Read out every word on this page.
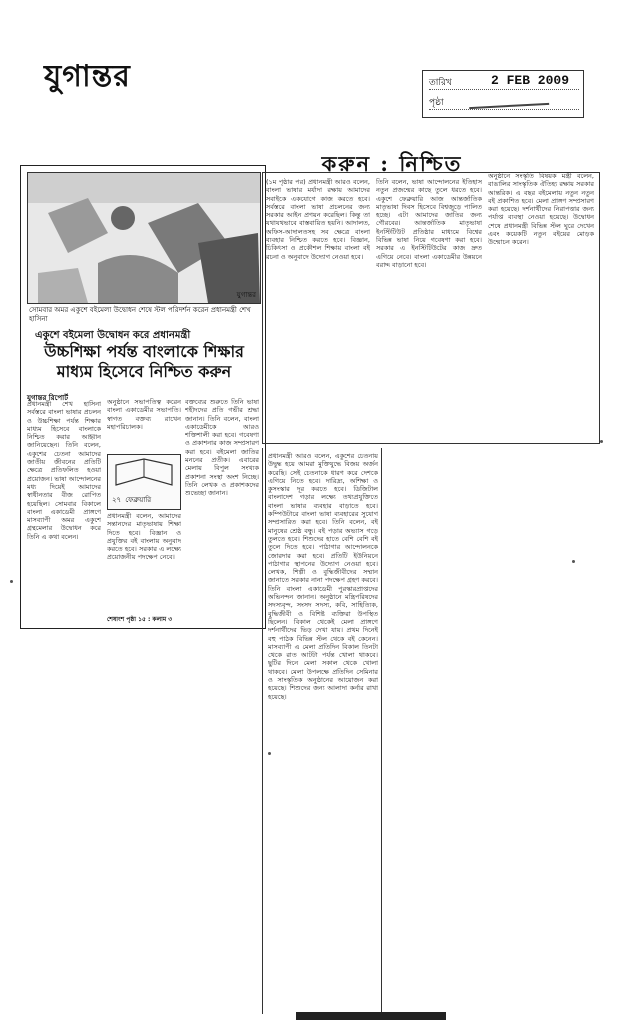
যুগান্তর	তারিখ	2 FEB 2009
পৃষ্ঠা
যুগান্তর
সোমবার অমর একুশে বইমেলা উদ্বোধন শেষে স্টল পরিদর্শন করেন প্রধানমন্ত্রী শেখ হাসিনা
একুশে বইমেলা উদ্বোধন করে প্রধানমন্ত্রী
উচ্চশিক্ষা পর্যন্ত বাংলাকে শিক্ষার মাধ্যম হিসেবে নিশ্চিত করুন
যুগান্তর রিপোর্ট
প্রধানমন্ত্রী শেখ হাসিনা সর্বস্তরে বাংলা ভাষার প্রচলন ও উচ্চশিক্ষা পর্যন্ত শিক্ষার মাধ্যম হিসেবে বাংলাকে নিশ্চিত করার আহ্বান জানিয়েছেন। তিনি বলেন, একুশের চেতনা আমাদের জাতীয় জীবনের প্রতিটি ক্ষেত্রে প্রতিফলিত হওয়া প্রয়োজন। ভাষা আন্দোলনের মধ্য দিয়েই আমাদের স্বাধীনতার বীজ রোপিত হয়েছিল। সোমবার বিকালে বাংলা একাডেমী প্রাঙ্গণে মাসব্যাপী অমর একুশে গ্রন্থমেলার উদ্বোধন করে তিনি এ কথা বলেন।
অনুষ্ঠানে সভাপতিত্ব করেন বাংলা একাডেমীর সভাপতি। স্বাগত বক্তব্য রাখেন মহাপরিচালক।
২৭ ফেব্রুয়ারি
প্রধানমন্ত্রী বলেন, আমাদের সন্তানদের মাতৃভাষায় শিক্ষা দিতে হবে। বিজ্ঞান ও প্রযুক্তির বই বাংলায় অনুবাদ করতে হবে। সরকার এ লক্ষ্যে প্রয়োজনীয় পদক্ষেপ নেবে।
বক্তব্যের শুরুতে তিনি ভাষা শহীদদের প্রতি গভীর শ্রদ্ধা জানান। তিনি বলেন, বাংলা একাডেমীকে আরও শক্তিশালী করা হবে। গবেষণা ও প্রকাশনার কাজ সম্প্রসারণ করা হবে। বইমেলা জাতির মননের প্রতীক। এবারের মেলায় বিপুল সংখ্যক প্রকাশনা সংস্থা অংশ নিচ্ছে। তিনি লেখক ও প্রকাশকদের শুভেচ্ছা জানান।
শেষাংশ পৃষ্ঠা ১৫ : কলাম ৩
করুন : নিশ্চিত
(১ম পৃষ্ঠার পর) প্রধানমন্ত্রী আরও বলেন, বাংলা ভাষার মর্যাদা রক্ষায় আমাদের সবাইকে একযোগে কাজ করতে হবে। সর্বস্তরে বাংলা ভাষা প্রচলনের জন্য সরকার আইন প্রণয়ন করেছিল। কিন্তু তা যথাযথভাবে বাস্তবায়িত হয়নি। আদালত, অফিস-আদালতসহ সব ক্ষেত্রে বাংলা ব্যবহার নিশ্চিত করতে হবে। বিজ্ঞান, চিকিৎসা ও প্রকৌশল শিক্ষায় বাংলা বই রচনা ও অনুবাদে উদ্যোগ নেওয়া হবে।
তিনি বলেন, ভাষা আন্দোলনের ইতিহাস নতুন প্রজন্মের কাছে তুলে ধরতে হবে। একুশে ফেব্রুয়ারি আজ আন্তর্জাতিক মাতৃভাষা দিবস হিসেবে বিশ্বজুড়ে পালিত হচ্ছে। এটা আমাদের জাতির জন্য গৌরবের। আন্তর্জাতিক মাতৃভাষা ইনস্টিটিউট প্রতিষ্ঠার মাধ্যমে বিশ্বের বিভিন্ন ভাষা নিয়ে গবেষণা করা হবে। সরকার এ ইনস্টিটিউটের কাজ দ্রুত এগিয়ে নেবে। বাংলা একাডেমীর উন্নয়নে বরাদ্দ বাড়ানো হবে।
অনুষ্ঠানে সংস্কৃতি বিষয়ক মন্ত্রী বলেন, বাঙালির সাংস্কৃতিক ঐতিহ্য রক্ষায় সরকার আন্তরিক। এ বছর বইমেলায় নতুন নতুন বই প্রকাশিত হবে। মেলা প্রাঙ্গণ সম্প্রসারণ করা হয়েছে। দর্শনার্থীদের নিরাপত্তার জন্য পর্যাপ্ত ব্যবস্থা নেওয়া হয়েছে। উদ্বোধন শেষে প্রধানমন্ত্রী বিভিন্ন স্টল ঘুরে দেখেন এবং কয়েকটি নতুন বইয়ের মোড়ক উন্মোচন করেন।
প্রধানমন্ত্রী আরও বলেন, একুশের চেতনায় উদ্বুদ্ধ হয়ে আমরা মুক্তিযুদ্ধে বিজয় অর্জন করেছি। সেই চেতনাকে ধারণ করে দেশকে এগিয়ে নিতে হবে। দারিদ্র্য, অশিক্ষা ও কুসংস্কার দূর করতে হবে। ডিজিটাল বাংলাদেশ গড়ার লক্ষ্যে তথ্যপ্রযুক্তিতে বাংলা ভাষার ব্যবহার বাড়াতে হবে। কম্পিউটারে বাংলা ভাষা ব্যবহারের সুযোগ সম্প্রসারিত করা হবে। তিনি বলেন, বই মানুষের শ্রেষ্ঠ বন্ধু। বই পড়ার অভ্যাস গড়ে তুলতে হবে। শিশুদের হাতে বেশি বেশি বই তুলে দিতে হবে। পাঠাগার আন্দোলনকে জোরদার করা হবে। প্রতিটি ইউনিয়নে পাঠাগার স্থাপনের উদ্যোগ নেওয়া হবে। লেখক, শিল্পী ও বুদ্ধিজীবীদের সম্মান জানাতে সরকার নানা পদক্ষেপ গ্রহণ করবে। তিনি বাংলা একাডেমী পুরস্কারপ্রাপ্তদের অভিনন্দন জানান। অনুষ্ঠানে মন্ত্রিপরিষদের সদস্যবৃন্দ, সংসদ সদস্য, কবি, সাহিত্যিক, বুদ্ধিজীবী ও বিশিষ্ট ব্যক্তিরা উপস্থিত ছিলেন। বিকাল থেকেই মেলা প্রাঙ্গণে দর্শনার্থীদের ভিড় দেখা যায়। প্রথম দিনেই বহু পাঠক বিভিন্ন স্টল থেকে বই কেনেন। মাসব্যাপী এ মেলা প্রতিদিন বিকাল তিনটা থেকে রাত আটটা পর্যন্ত খোলা থাকবে। ছুটির দিনে মেলা সকাল থেকে খোলা থাকবে। মেলা উপলক্ষে প্রতিদিন সেমিনার ও সাংস্কৃতিক অনুষ্ঠানের আয়োজন করা হয়েছে। শিশুদের জন্য আলাদা কর্নার রাখা হয়েছে।
